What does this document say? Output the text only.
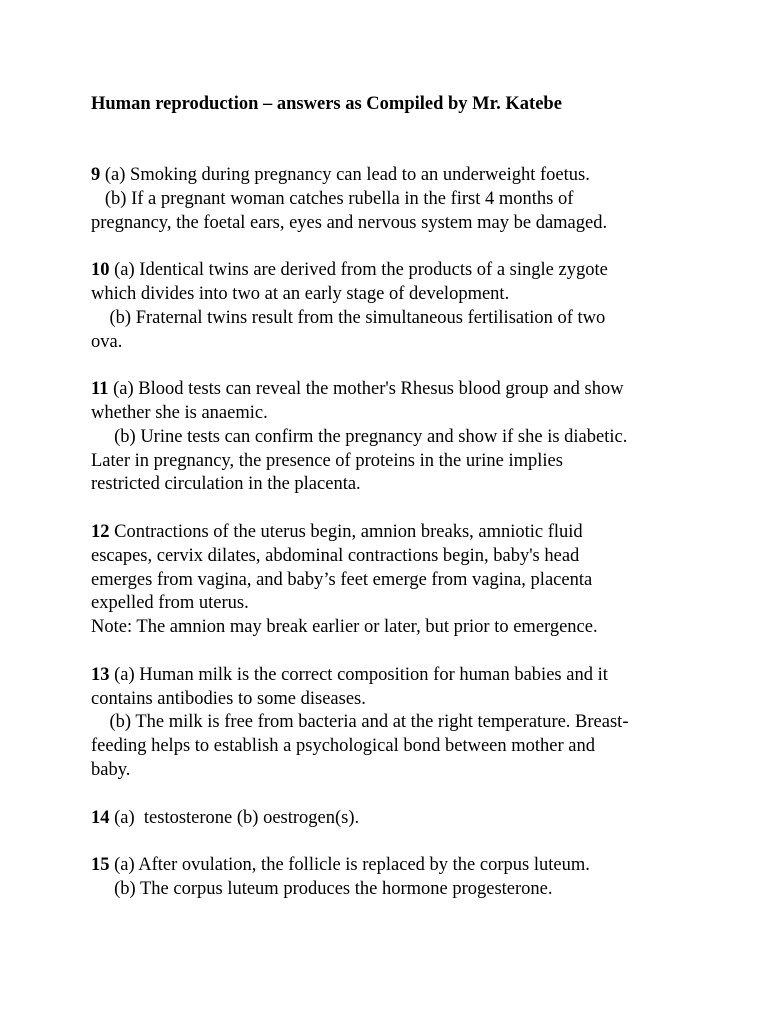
Human reproduction – answers as Compiled by Mr. Katebe
9 (a) Smoking during pregnancy can lead to an underweight foetus.
(b) If a pregnant woman catches rubella in the first 4 months of
pregnancy, the foetal ears, eyes and nervous system may be damaged.
10 (a) Identical twins are derived from the products of a single zygote
which divides into two at an early stage of development.
(b) Fraternal twins result from the simultaneous fertilisation of two
ova.
11 (a) Blood tests can reveal the mother's Rhesus blood group and show
whether she is anaemic.
(b) Urine tests can confirm the pregnancy and show if she is diabetic.
Later in pregnancy, the presence of proteins in the urine implies
restricted circulation in the placenta.
12 Contractions of the uterus begin, amnion breaks, amniotic fluid
escapes, cervix dilates, abdominal contractions begin, baby's head
emerges from vagina, and baby’s feet emerge from vagina, placenta
expelled from uterus.
Note: The amnion may break earlier or later, but prior to emergence.
13 (a) Human milk is the correct composition for human babies and it
contains antibodies to some diseases.
(b) The milk is free from bacteria and at the right temperature. Breast-
feeding helps to establish a psychological bond between mother and
baby.
14 (a)  testosterone (b) oestrogen(s).
15 (a) After ovulation, the follicle is replaced by the corpus luteum.
(b) The corpus luteum produces the hormone progesterone.
